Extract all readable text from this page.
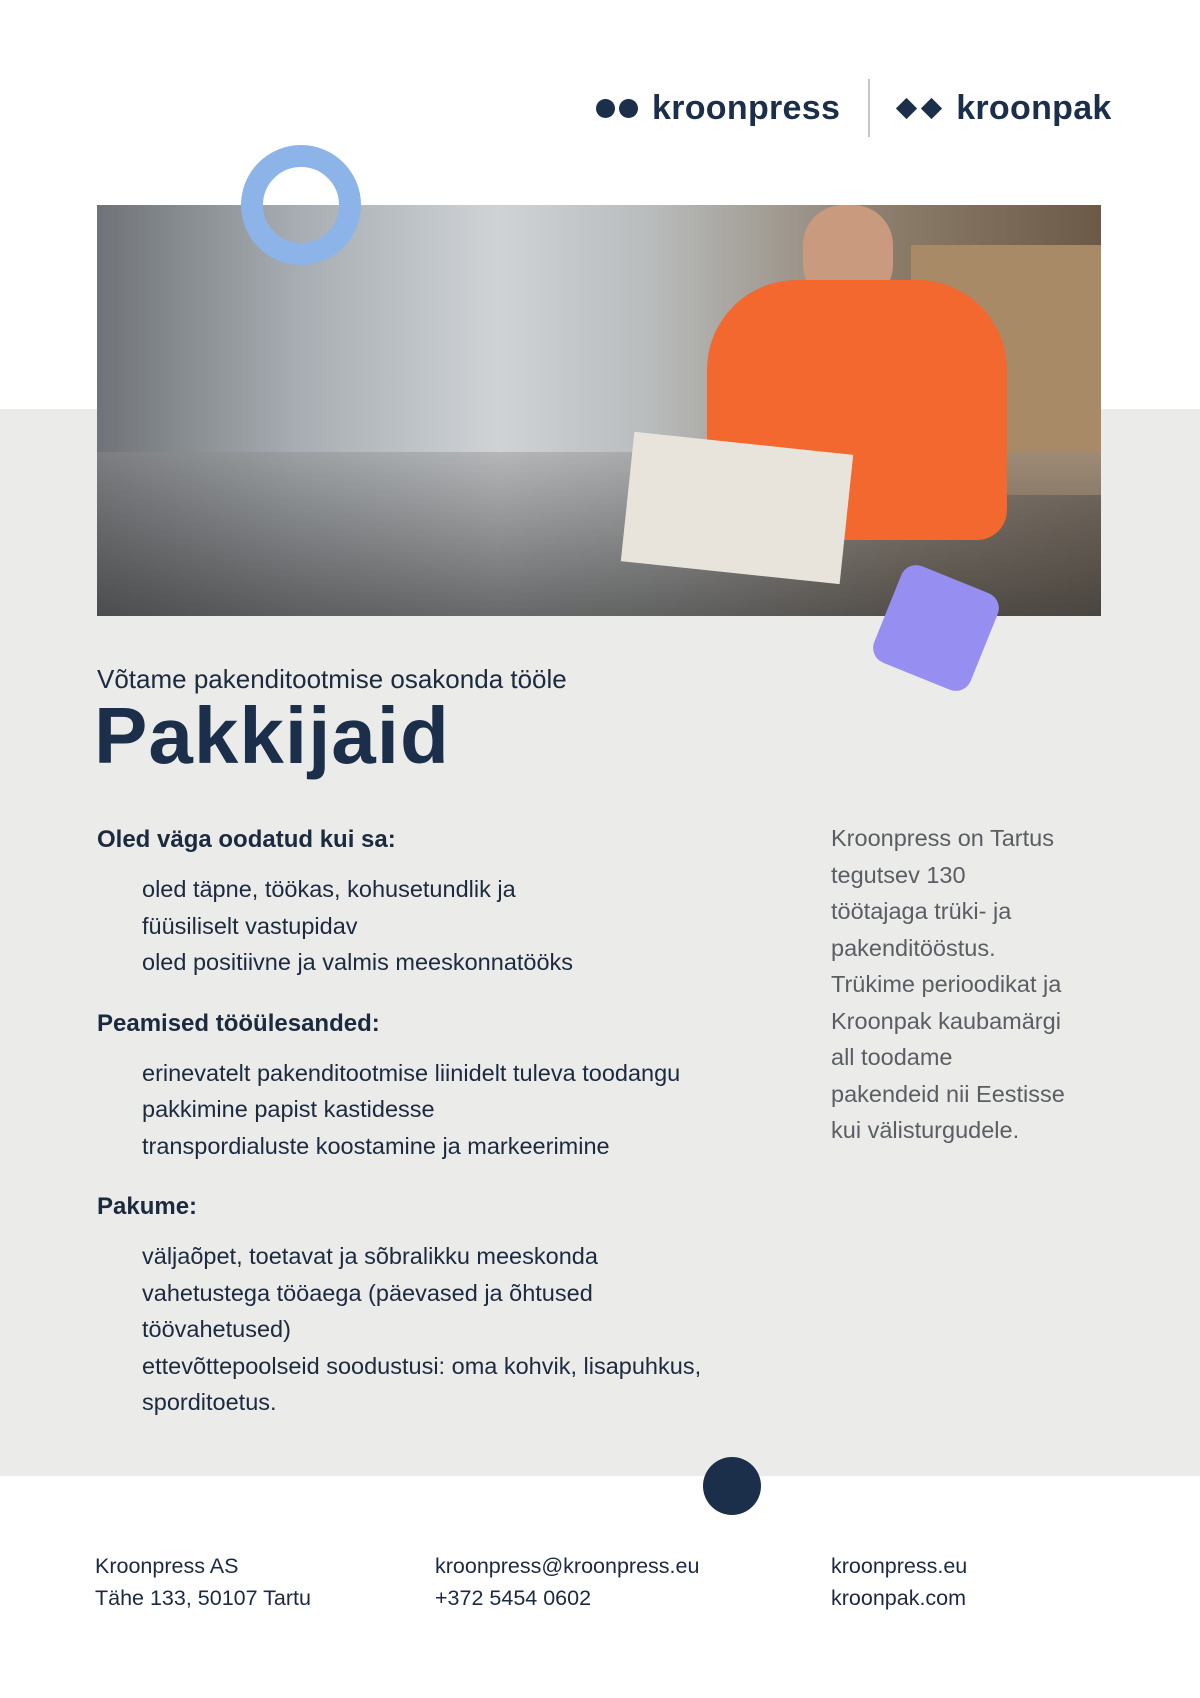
kroonpress	kroonpak
Võtame pakenditootmise osakonda tööle
Pakkijaid
Oled väga oodatud kui sa:
oled täpne, töökas, kohusetundlik ja
füüsiliselt vastupidav
oled positiivne ja valmis meeskonnatööks
Peamised tööülesanded:
erinevatelt pakenditootmise liinidelt tuleva toodangu
pakkimine papist kastidesse
transpordialuste koostamine ja markeerimine
Pakume:
väljaõpet, toetavat ja sõbralikku meeskonda
vahetustega tööaega (päevased ja õhtused
töövahetused)
ettevõttepoolseid soodustusi: oma kohvik, lisapuhkus,
sporditoetus.
Kroonpress on Tartus
tegutsev 130
töötajaga trüki- ja
pakenditööstus.
Trükime perioodikat ja
Kroonpak kaubamärgi
all toodame
pakendeid nii Eestisse
kui välisturgudele.
Kroonpress AS
Tähe 133, 50107 Tartu
kroonpress@kroonpress.eu
+372 5454 0602
kroonpress.eu
kroonpak.com
